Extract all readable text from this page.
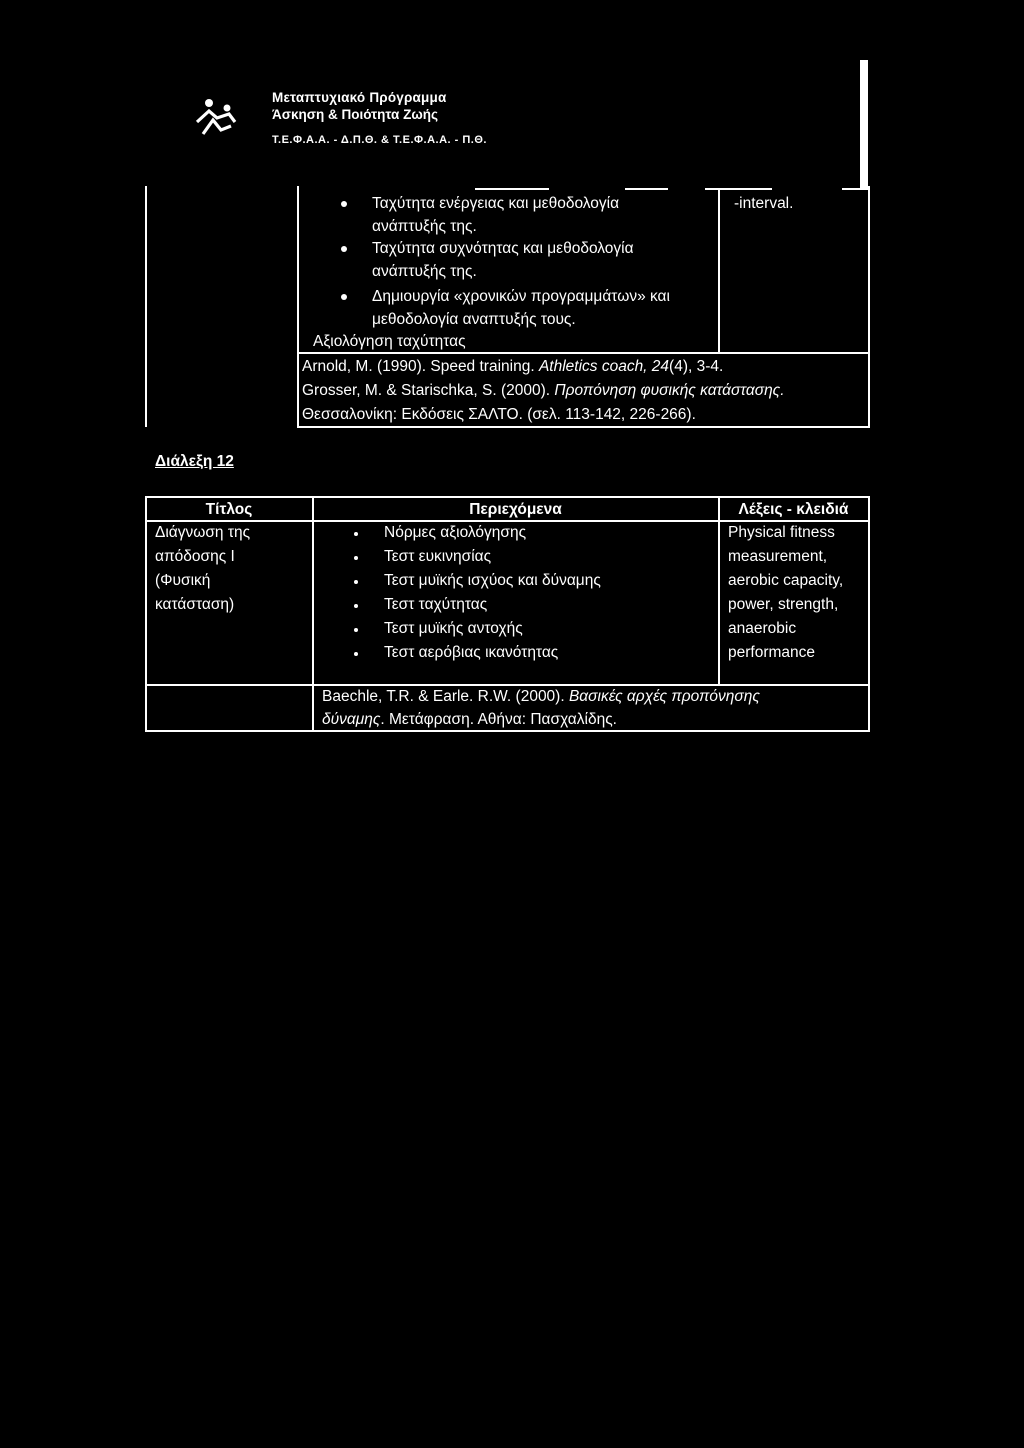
Μεταπτυχιακό Πρόγραμμα
Άσκηση & Ποιότητα Ζωής
Τ.Ε.Φ.Α.Α. - Δ.Π.Θ. & Τ.Ε.Φ.Α.Α. - Π.Θ.
Ταχύτητα ενέργειας και μεθοδολογία
ανάπτυξής της.
Ταχύτητα συχνότητας και μεθοδολογία
ανάπτυξής της.
Δημιουργία «χρονικών προγραμμάτων» και
μεθοδολογία αναπτυξής τους.
Αξιολόγηση ταχύτητας
-interval.
Arnold, M. (1990). Speed training. Athletics coach, 24(4), 3-4.
Grosser, M. & Starischka, S. (2000). Προπόνηση φυσικής κατάστασης.
Θεσσαλονίκη: Εκδόσεις ΣΑΛΤΟ. (σελ. 113-142, 226-266).
Διάλεξη 12
Τίτλος	Περιεχόμενα	Λέξεις - κλειδιά
Διάγνωση της
απόδοσης Ι
(Φυσική
κατάσταση)
Νόρμες αξιολόγησης
Τεστ ευκινησίας
Τεστ μυϊκής ισχύος και δύναμης
Τεστ ταχύτητας
Τεστ μυϊκής αντοχής
Τεστ αερόβιας ικανότητας
Physical fitness
measurement,
aerobic capacity,
power, strength,
anaerobic
performance
Baechle, T.R. & Earle. R.W. (2000). Βασικές αρχές προπόνησης
δύναμης. Μετάφραση. Αθήνα: Πασχαλίδης.
